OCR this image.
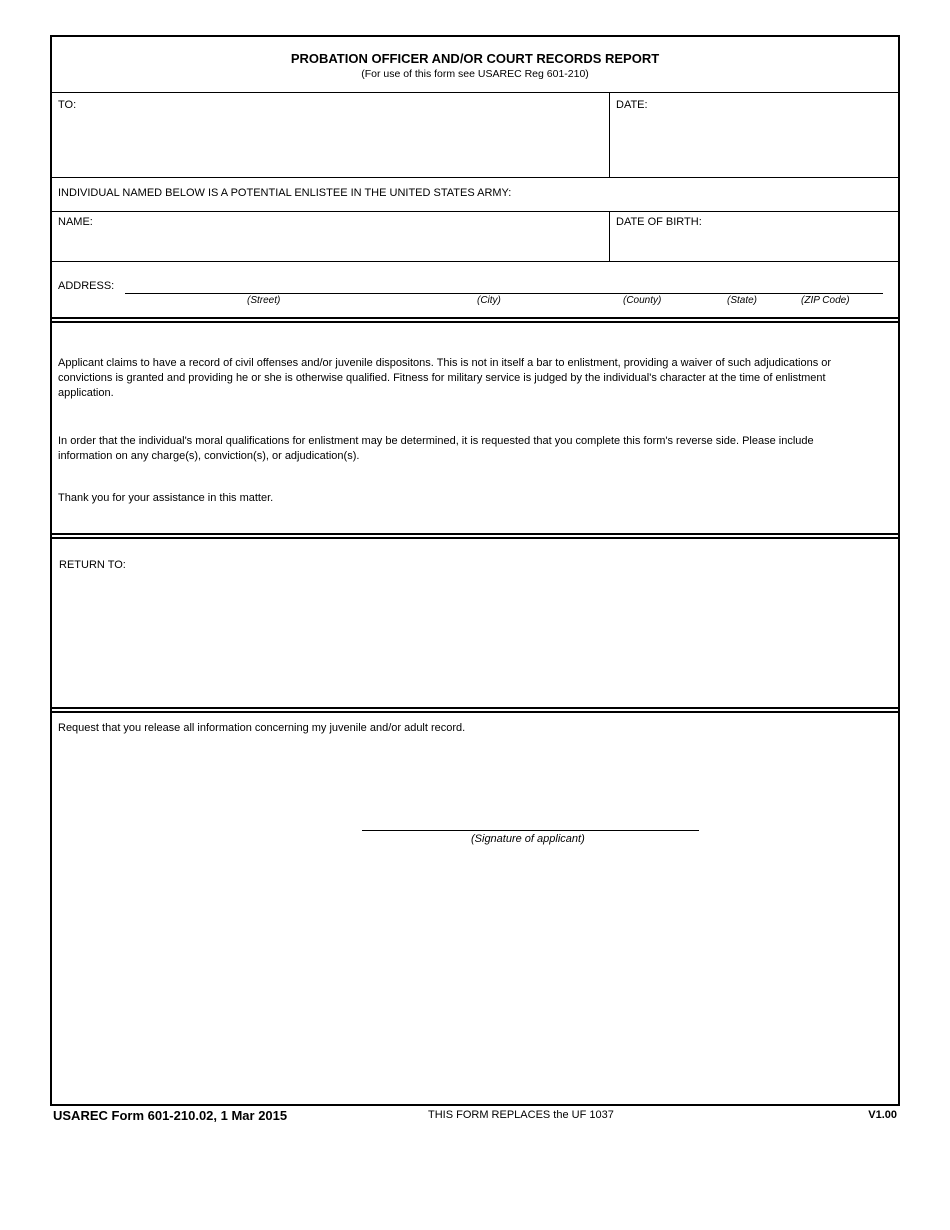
PROBATION OFFICER AND/OR COURT RECORDS REPORT
(For use of this form see USAREC Reg 601-210)
TO:	DATE:
INDIVIDUAL NAMED BELOW IS A POTENTIAL ENLISTEE IN THE UNITED STATES ARMY:
NAME:	DATE OF BIRTH:
ADDRESS:
(Street)	(City)	(County)	(State)	(ZIP Code)
Applicant claims to have a record of civil offenses and/or juvenile dispositons. This is not in itself a bar to enlistment, providing a waiver of such adjudications or convictions is granted and providing he or she is otherwise qualified. Fitness for military service is judged by the individual's character at the time of enlistment application.
In order that the individual's moral qualifications for enlistment may be determined, it is requested that you complete this form's reverse side. Please include information on any charge(s), conviction(s), or adjudication(s).
Thank you for your assistance in this matter.
RETURN TO:
Request that you release all information concerning my juvenile and/or adult record.
(Signature of applicant)
USAREC Form 601-210.02, 1 Mar 2015	THIS FORM REPLACES the UF 1037	V1.00
